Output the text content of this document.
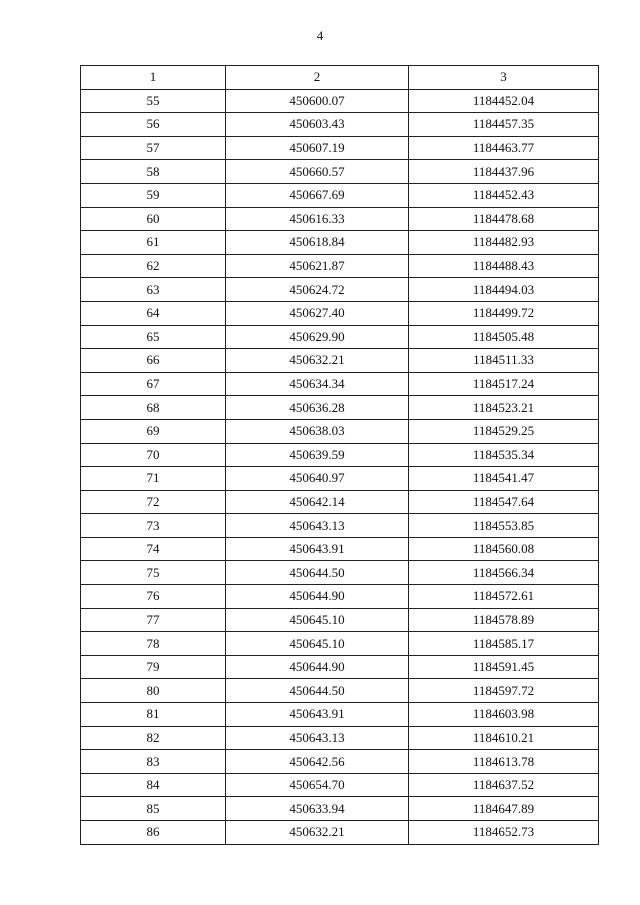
4
1	2	3
55	450600.07	1184452.04
56	450603.43	1184457.35
57	450607.19	1184463.77
58	450660.57	1184437.96
59	450667.69	1184452.43
60	450616.33	1184478.68
61	450618.84	1184482.93
62	450621.87	1184488.43
63	450624.72	1184494.03
64	450627.40	1184499.72
65	450629.90	1184505.48
66	450632.21	1184511.33
67	450634.34	1184517.24
68	450636.28	1184523.21
69	450638.03	1184529.25
70	450639.59	1184535.34
71	450640.97	1184541.47
72	450642.14	1184547.64
73	450643.13	1184553.85
74	450643.91	1184560.08
75	450644.50	1184566.34
76	450644.90	1184572.61
77	450645.10	1184578.89
78	450645.10	1184585.17
79	450644.90	1184591.45
80	450644.50	1184597.72
81	450643.91	1184603.98
82	450643.13	1184610.21
83	450642.56	1184613.78
84	450654.70	1184637.52
85	450633.94	1184647.89
86	450632.21	1184652.73
